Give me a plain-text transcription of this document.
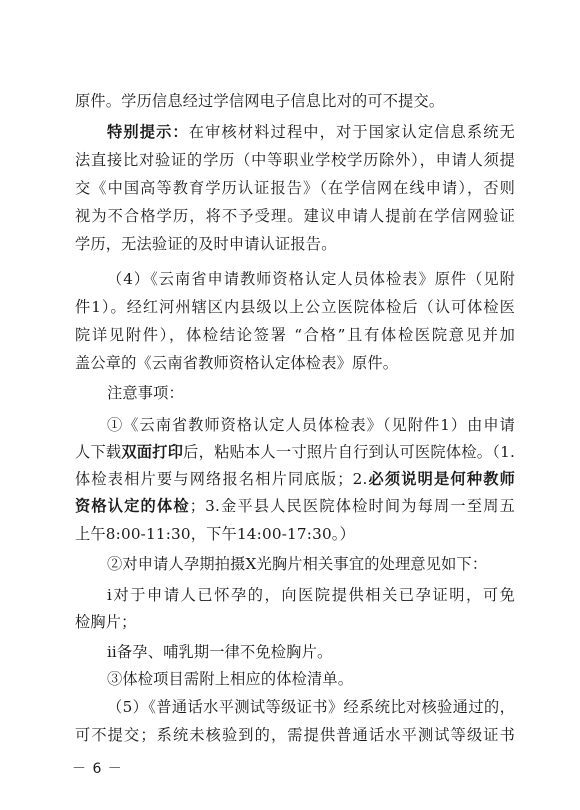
原件。学历信息经过学信网电子信息比对的可不提交。
特别提示：在审核材料过程中，对于国家认定信息系统无
法直接比对验证的学历（中等职业学校学历除外），申请人须提
交《中国高等教育学历认证报告》（在学信网在线申请），否则
视为不合格学历，将不予受理。建议申请人提前在学信网验证
学历，无法验证的及时申请认证报告。
（4）《云南省申请教师资格认定人员体检表》原件（见附
件1）。经红河州辖区内县级以上公立医院体检后（认可体检医
院详见附件），体检结论签署 “合格”且有体检医院意见并加
盖公章的《云南省教师资格认定体检表》原件。
注意事项：
①《云南省教师资格认定人员体检表》（见附件1）由申请
人下载双面打印后，粘贴本人一寸照片自行到认可医院体检。（1.
体检表相片要与网络报名相片同底版；2.必须说明是何种教师
资格认定的体检；3.金平县人民医院体检时间为每周一至周五
上午8:00-11:30，下午14:00-17:30。）
②对申请人孕期拍摄X光胸片相关事宜的处理意见如下：
ⅰ对于申请人已怀孕的，向医院提供相关已孕证明，可免
检胸片；
ⅱ备孕、哺乳期一律不免检胸片。
③体检项目需附上相应的体检清单。
（5）《普通话水平测试等级证书》经系统比对核验通过的，
可不提交；系统未核验到的，需提供普通话水平测试等级证书
－ 6 －
